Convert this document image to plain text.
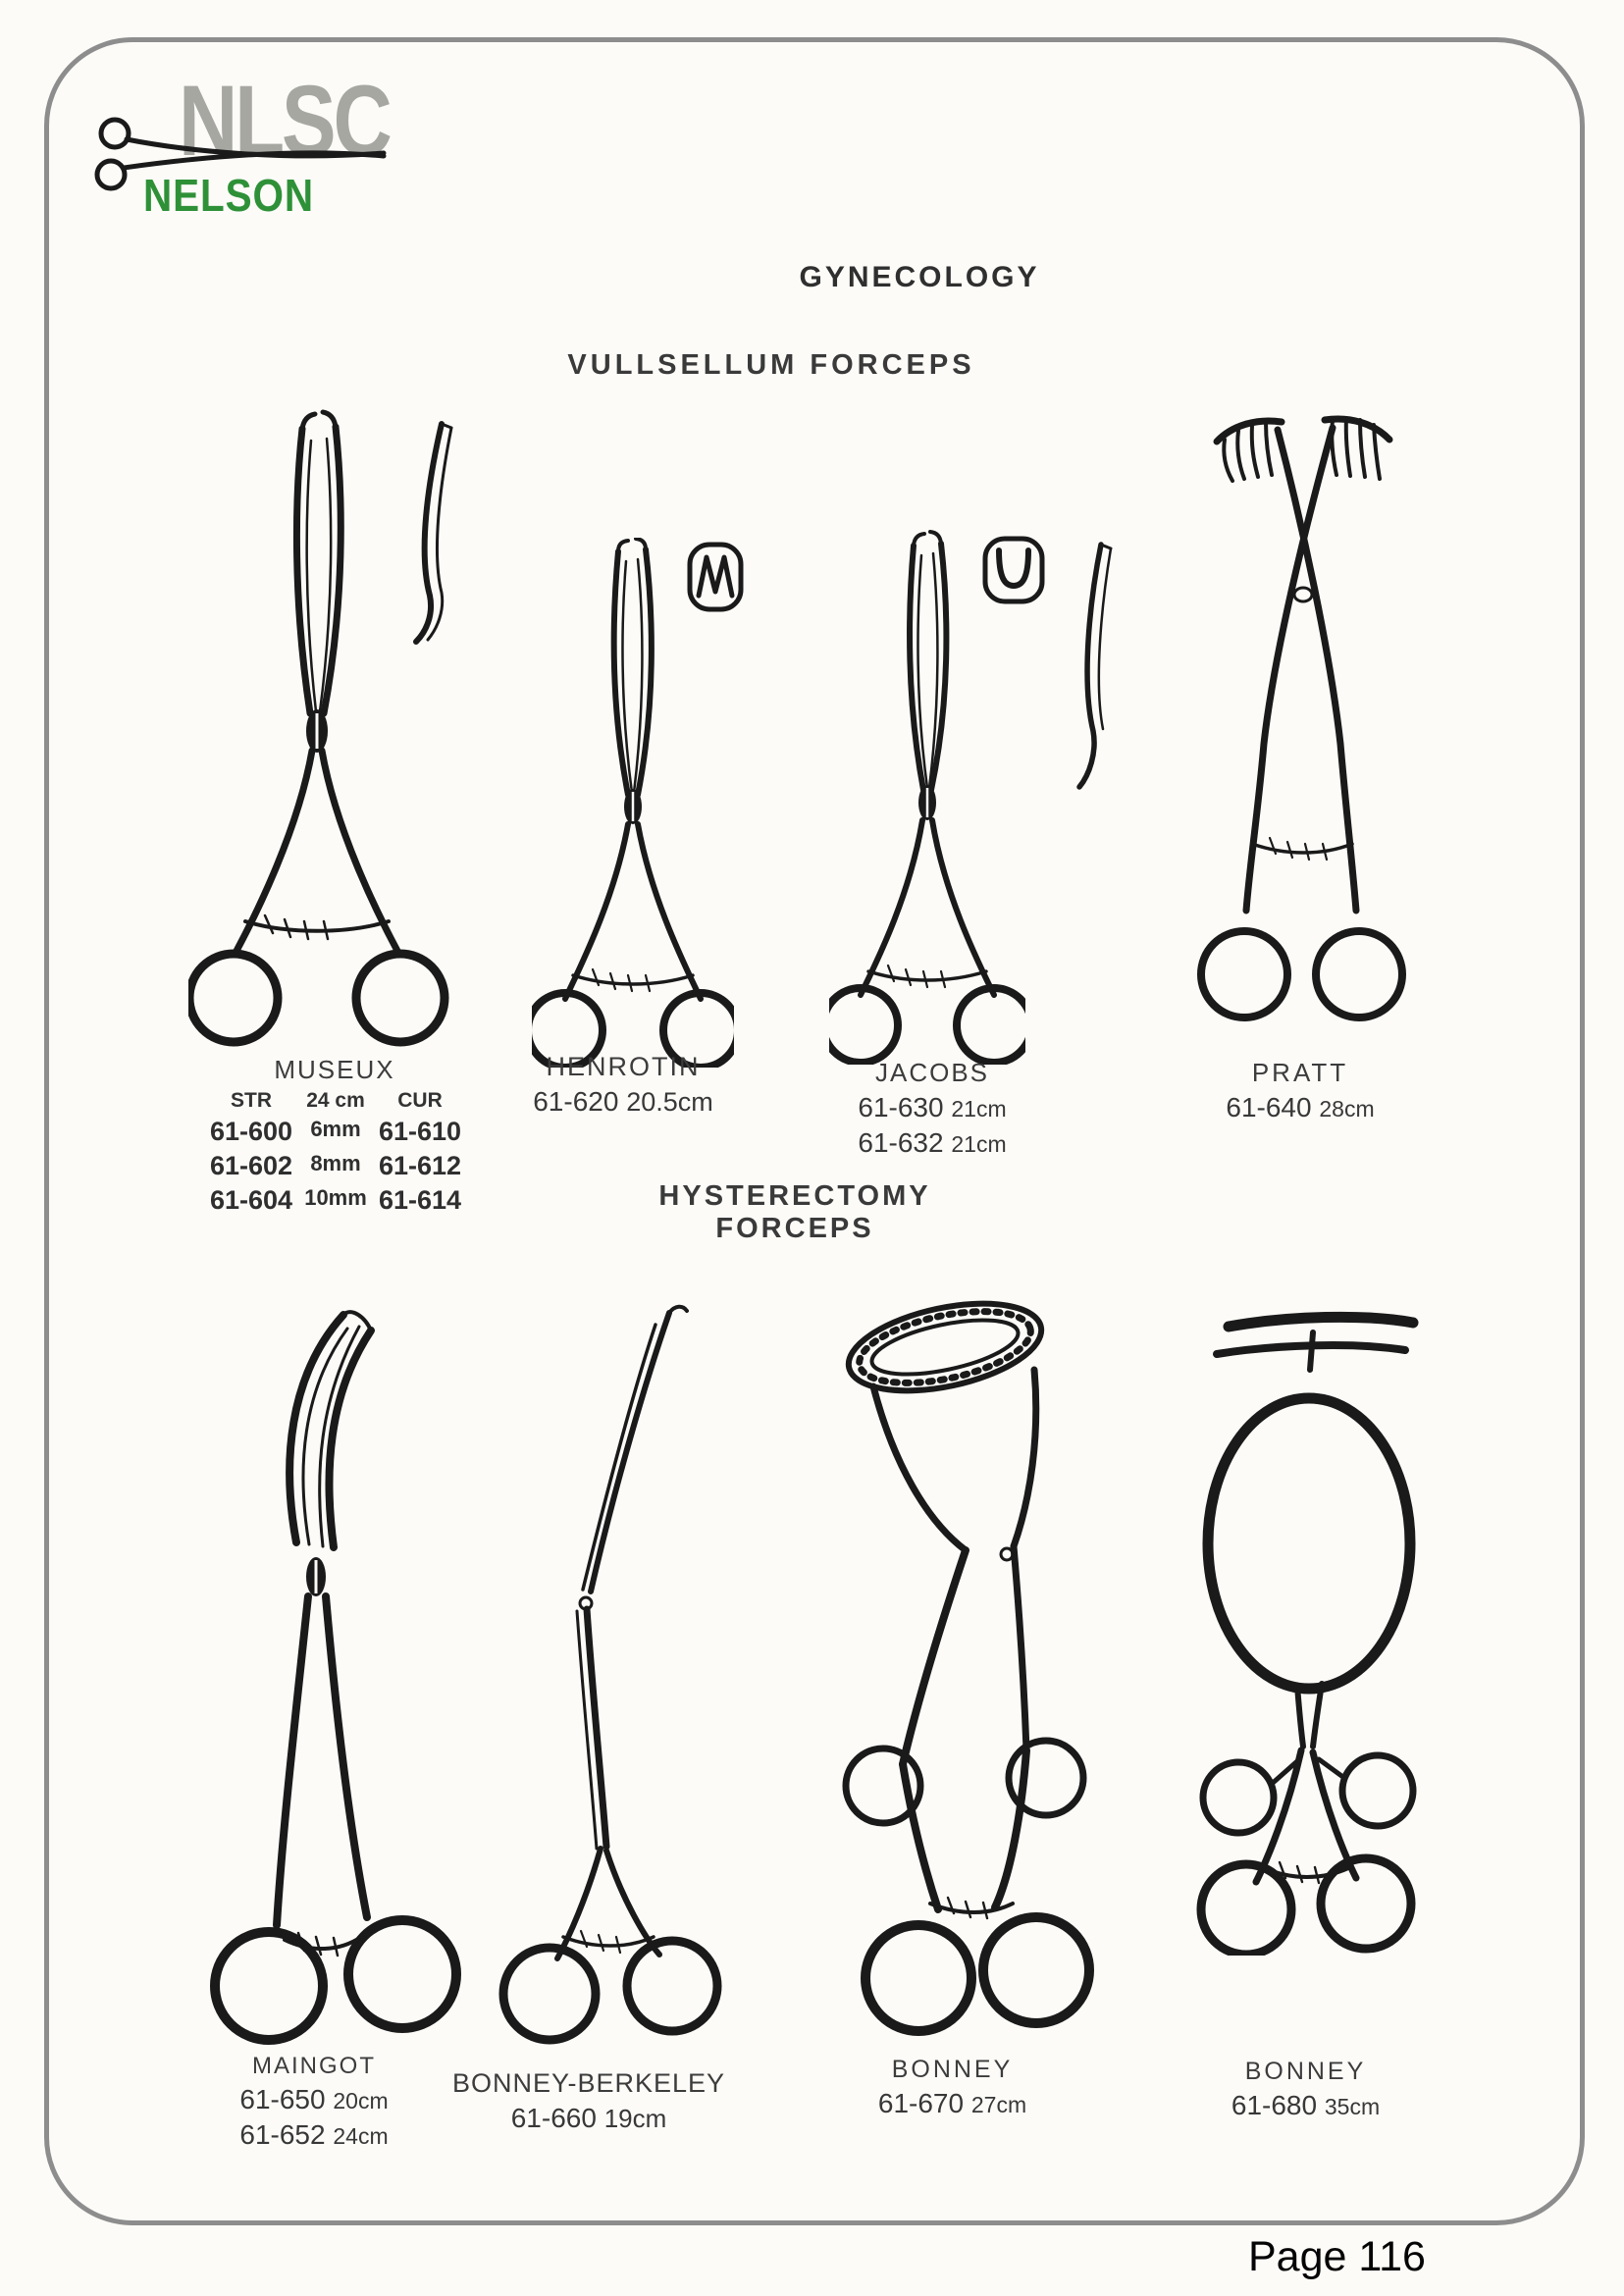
NLSC
NELSON
GYNECOLOGY
VULLSELLUM FORCEPS
HYSTERECTOMY FORCEPS
MUSEUX
STR	24 cm	CUR
61-600 6mm 61-610
61-602 8mm 61-612
61-604 10mm 61-614
HENROTIN
61-620 20.5cm
JACOBS
61-630 21cm
61-632 21cm
PRATT
61-640 28cm
MAINGOT
61-650 20cm
61-652 24cm
BONNEY-BERKELEY
61-660 19cm
BONNEY
61-670 27cm
BONNEY
61-680 35cm
Page 116
